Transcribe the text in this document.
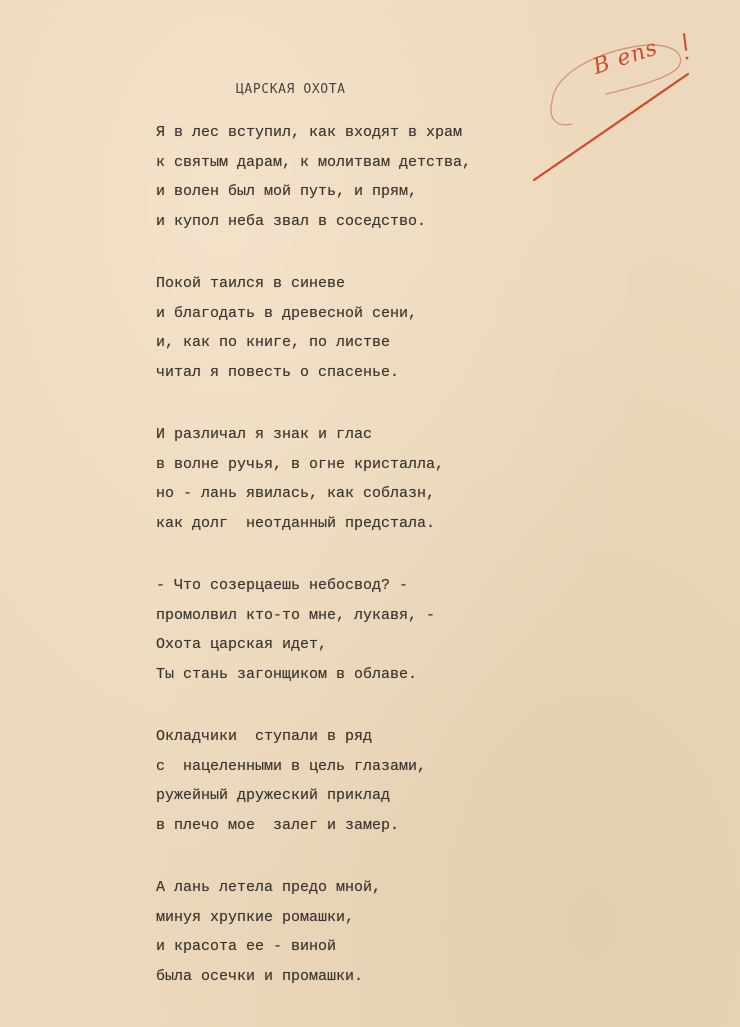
ЦАРСКАЯ ОХОТА
Я в лес вступил, как входят в храм
к святым дарам, к молитвам детства,
и волен был мой путь, и прям,
и купол неба звал в соседство.
Покой таился в синеве
и благодать в древесной сени,
и, как по книге, по листве
читал я повесть о спасенье.
И различал я знак и глас
в волне ручья, в огне кристалла,
но - лань явилась, как соблазн,
как долг  неотданный предстала.
- Что созерцаешь небосвод? -
промолвил кто-то мне, лукавя, -
Охота царская идет,
Ты стань загонщиком в облаве.
Окладчики  ступали в ряд
с  нацеленными в цель глазами,
ружейный дружеский приклад
в плечо мое  залег и замер.
А лань летела предо мной,
минуя хрупкие ромашки,
и красота ее - виной
была осечки и промашки.
В ens
